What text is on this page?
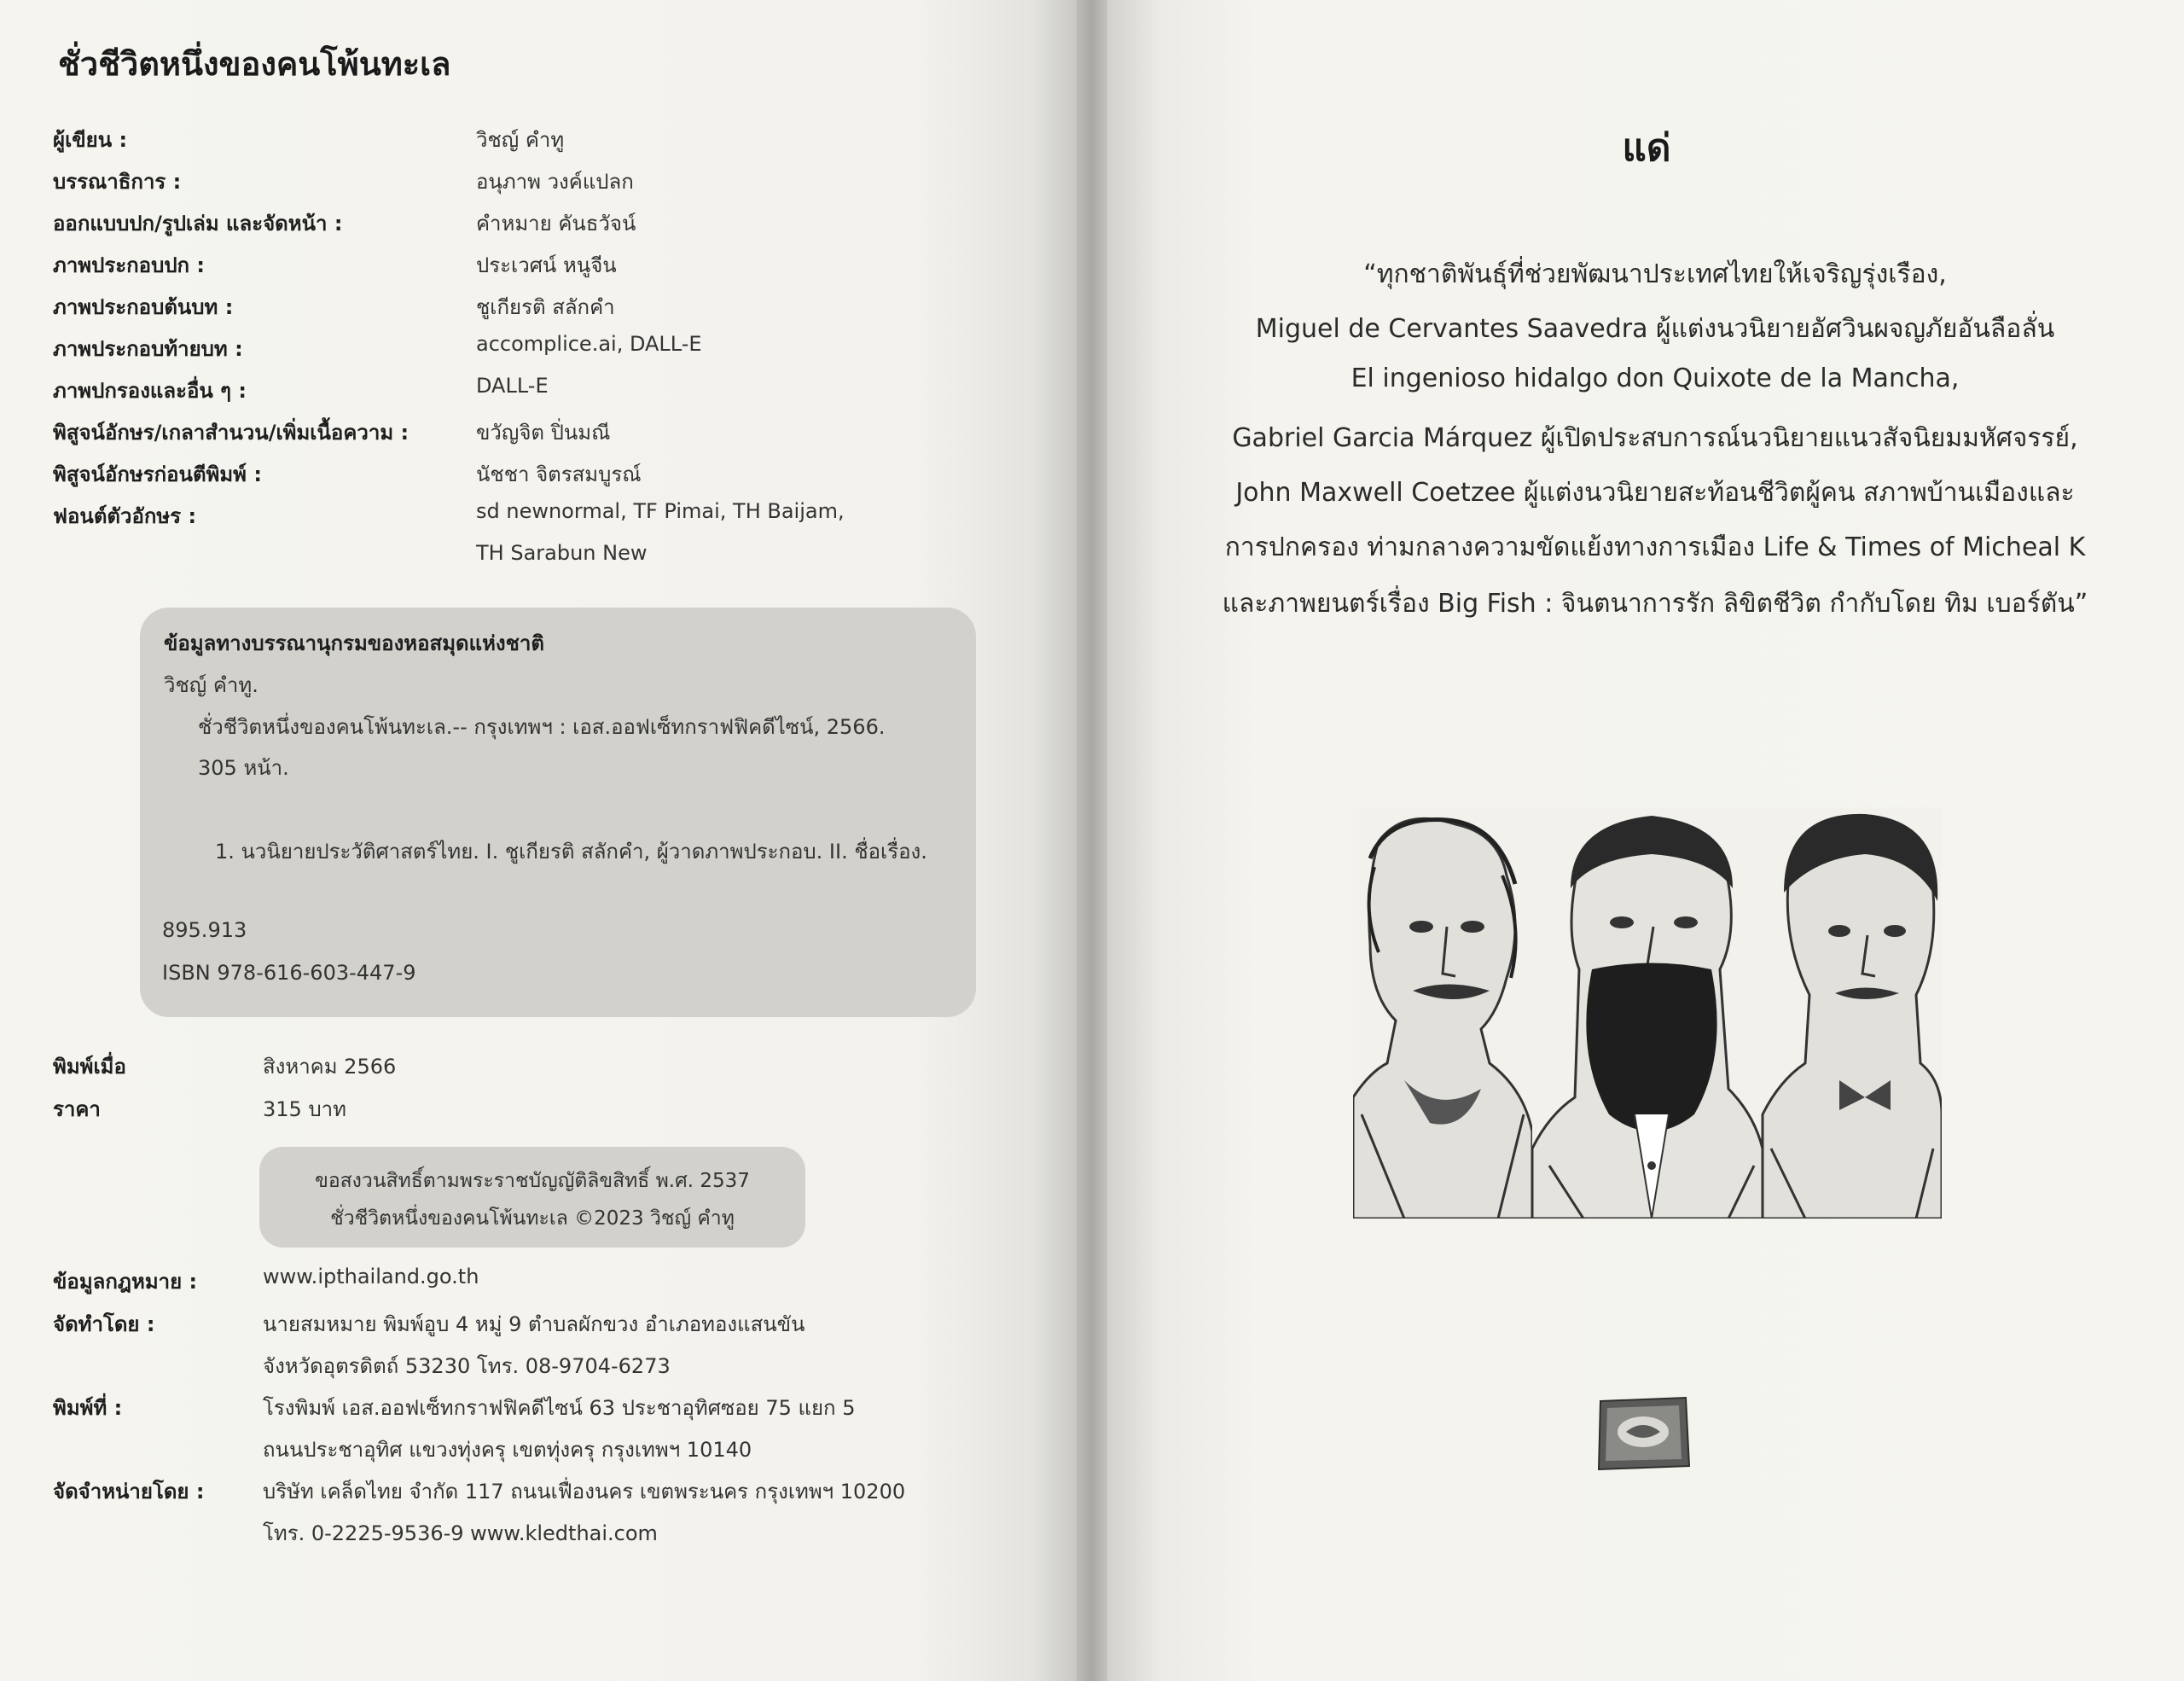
ชั่วชีวิตหนึ่งของคนโพ้นทะเล
ผู้เขียน :	วิชญ์ คำทู
บรรณาธิการ :	อนุภาพ วงค์แปลก
ออกแบบปก/รูปเล่ม และจัดหน้า :	คำหมาย คันธวัจน์
ภาพประกอบปก :	ประเวศน์ หนูจีน
ภาพประกอบต้นบท :	ชูเกียรติ สลักคำ
ภาพประกอบท้ายบท :	accomplice.ai, DALL-E
ภาพปกรองและอื่น ๆ :	DALL-E
พิสูจน์อักษร/เกลาสำนวน/เพิ่มเนื้อความ :	ขวัญจิต ปิ่นมณี
พิสูจน์อักษรก่อนตีพิมพ์ :	นัชชา จิตรสมบูรณ์
ฟอนต์ตัวอักษร :	sd newnormal, TF Pimai, TH Baijam,
TH Sarabun New
ข้อมูลทางบรรณานุกรมของหอสมุดแห่งชาติ
วิชญ์ คำทู.
ชั่วชีวิตหนึ่งของคนโพ้นทะเล.-- กรุงเทพฯ : เอส.ออฟเซ็ทกราฟฟิคดีไซน์, 2566.
305 หน้า.
1. นวนิยายประวัติศาสตร์ไทย. I. ชูเกียรติ สลักคำ, ผู้วาดภาพประกอบ. II. ชื่อเรื่อง.
895.913
ISBN 978-616-603-447-9
พิมพ์เมื่อ	สิงหาคม 2566
ราคา	315 บาท
ขอสงวนสิทธิ์ตามพระราชบัญญัติลิขสิทธิ์ พ.ศ. 2537
ชั่วชีวิตหนึ่งของคนโพ้นทะเล ©2023 วิชญ์ คำทู
ข้อมูลกฎหมาย :	www.ipthailand.go.th
จัดทำโดย :	นายสมหมาย พิมพ์อูบ 4 หมู่ 9 ตำบลผักขวง อำเภอทองแสนขัน
จังหวัดอุตรดิตถ์ 53230 โทร. 08-9704-6273
พิมพ์ที่ :	โรงพิมพ์ เอส.ออฟเซ็ทกราฟฟิคดีไซน์ 63 ประชาอุทิศซอย 75 แยก 5
ถนนประชาอุทิศ แขวงทุ่งครุ เขตทุ่งครุ กรุงเทพฯ 10140
จัดจำหน่ายโดย :	บริษัท เคล็ดไทย จำกัด 117 ถนนเฟื่องนคร เขตพระนคร กรุงเทพฯ 10200
โทร. 0-2225-9536-9 www.kledthai.com
แด่
“ทุกชาติพันธุ์ที่ช่วยพัฒนาประเทศไทยให้เจริญรุ่งเรือง,
Miguel de Cervantes Saavedra ผู้แต่งนวนิยายอัศวินผจญภัยอันลือลั่น
El ingenioso hidalgo don Quixote de la Mancha,
Gabriel Garcia Márquez ผู้เปิดประสบการณ์นวนิยายแนวสัจนิยมมหัศจรรย์,
John Maxwell Coetzee ผู้แต่งนวนิยายสะท้อนชีวิตผู้คน สภาพบ้านเมืองและ
การปกครอง ท่ามกลางความขัดแย้งทางการเมือง Life & Times of Micheal K
และภาพยนตร์เรื่อง Big Fish : จินตนาการรัก ลิขิตชีวิต กำกับโดย ทิม เบอร์ตัน”
